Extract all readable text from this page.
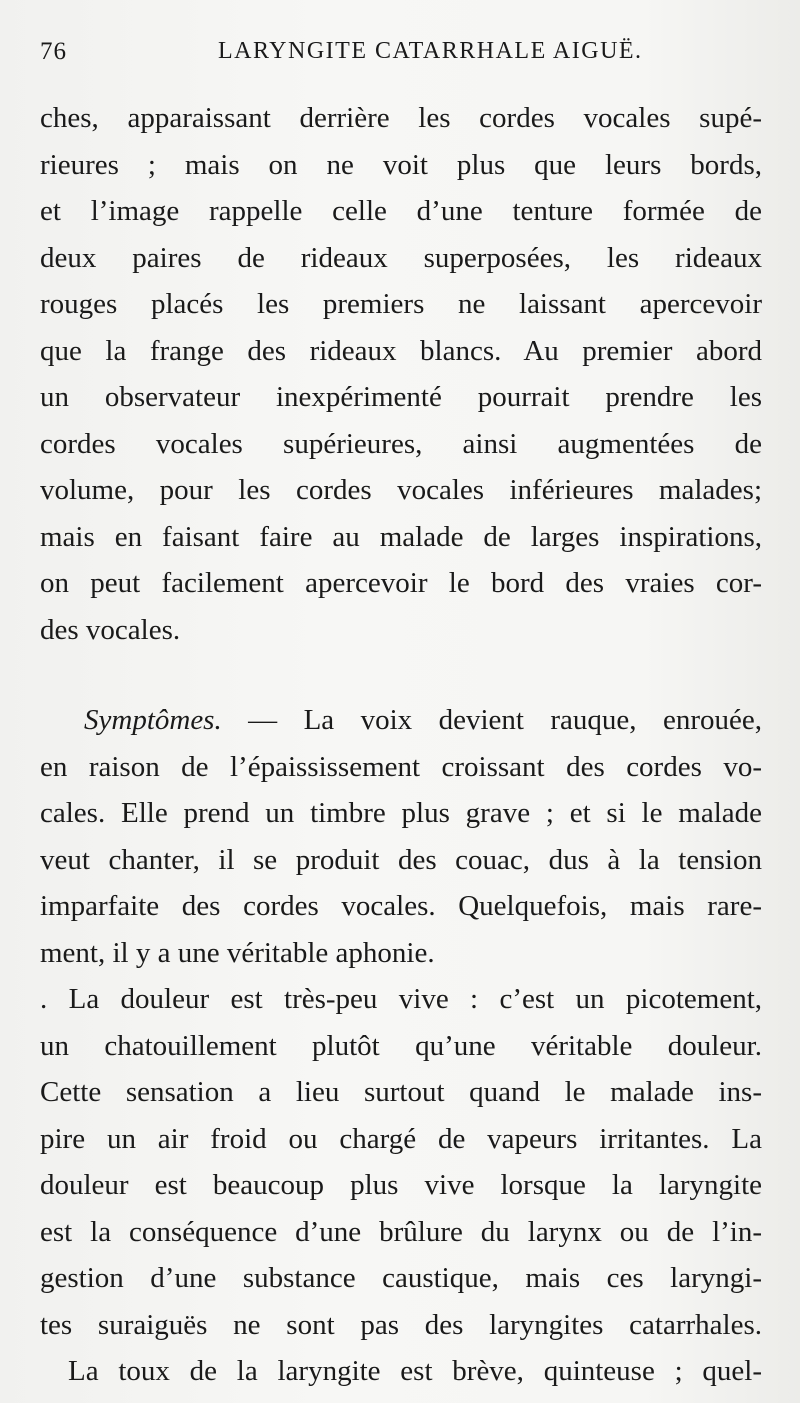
76	LARYNGITE CATARRHALE AIGUË.
ches, apparaissant derrière les cordes vocales supé-
rieures ; mais on ne voit plus que leurs bords,
et l’image rappelle celle d’une tenture formée de
deux paires de rideaux superposées, les rideaux
rouges placés les premiers ne laissant apercevoir
que la frange des rideaux blancs. Au premier abord
un observateur inexpérimenté pourrait prendre les
cordes vocales supérieures, ainsi augmentées de
volume, pour les cordes vocales inférieures malades;
mais en faisant faire au malade de larges inspirations,
on peut facilement apercevoir le bord des vraies cor-
des vocales.
Symptômes. — La voix devient rauque, enrouée,
en raison de l’épaississement croissant des cordes vo-
cales. Elle prend un timbre plus grave ; et si le malade
veut chanter, il se produit des couac, dus à la tension
imparfaite des cordes vocales. Quelquefois, mais rare-
ment, il y a une véritable aphonie.
. La douleur est très-peu vive : c’est un picotement,
un chatouillement plutôt qu’une véritable douleur.
Cette sensation a lieu surtout quand le malade ins-
pire un air froid ou chargé de vapeurs irritantes. La
douleur est beaucoup plus vive lorsque la laryngite
est la conséquence d’une brûlure du larynx ou de l’in-
gestion d’une substance caustique, mais ces laryngi-
tes suraiguës ne sont pas des laryngites catarrhales.
La toux de la laryngite est brève, quinteuse ; quel-
